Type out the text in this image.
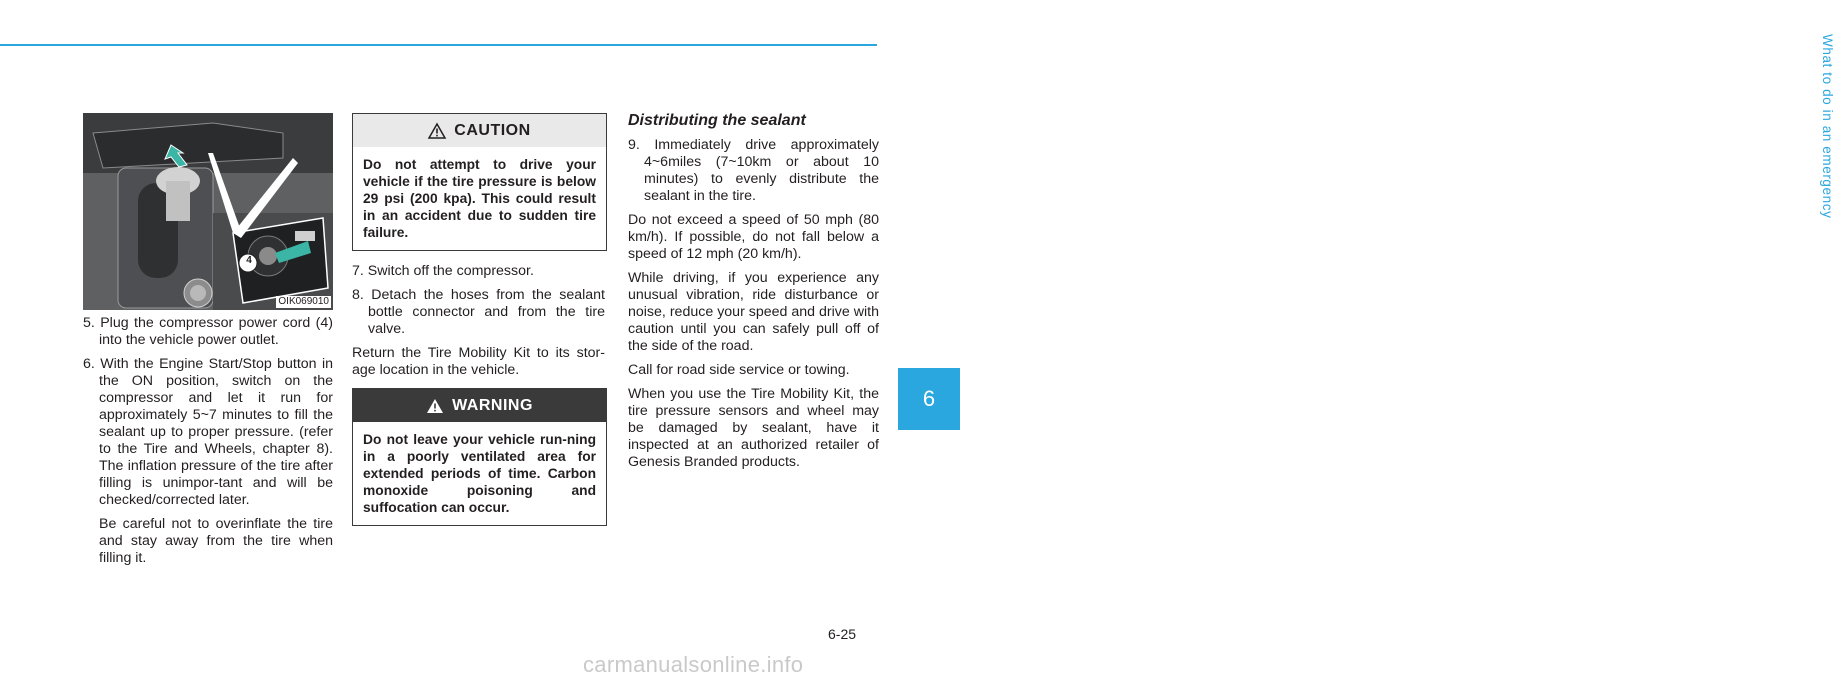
What to do in an emergency
6
4
OIK069010

5. Plug the compressor power cord (4) into the vehicle power outlet.

6. With the Engine Start/Stop button in the ON position, switch on the compressor and let it run for approximately 5~7 minutes to fill the sealant up to proper pressure. (refer to the Tire and Wheels, chapter 8). The inflation pressure of the tire after filling is unimpor-tant and will be checked/corrected later.

Be careful not to overinflate the tire and stay away from the tire when filling it.

CAUTION
Do not attempt to drive your vehicle if the tire pressure is below 29 psi (200 kpa). This could result in an accident due to sudden tire failure.

7. Switch off the compressor.

8. Detach the hoses from the sealant bottle connector and from the tire valve.

Return the Tire Mobility Kit to its stor-age location in the vehicle.

WARNING
Do not leave your vehicle run-ning in a poorly ventilated area for extended periods of time. Carbon monoxide poisoning and suffocation can occur.
Distributing the sealant

9. Immediately drive approximately 4~6miles (7~10km or about 10 minutes) to evenly distribute the sealant in the tire.

Do not exceed a speed of 50 mph (80 km/h). If possible, do not fall below a speed of 12 mph (20 km/h).

While driving, if you experience any unusual vibration, ride disturbance or noise, reduce your speed and drive with caution until you can safely pull off of the side of the road.

Call for road side service or towing.

When you use the Tire Mobility Kit, the tire pressure sensors and wheel may be damaged by sealant, have it inspected at an authorized retailer of Genesis Branded products.

6-25
carmanualsonline.info
